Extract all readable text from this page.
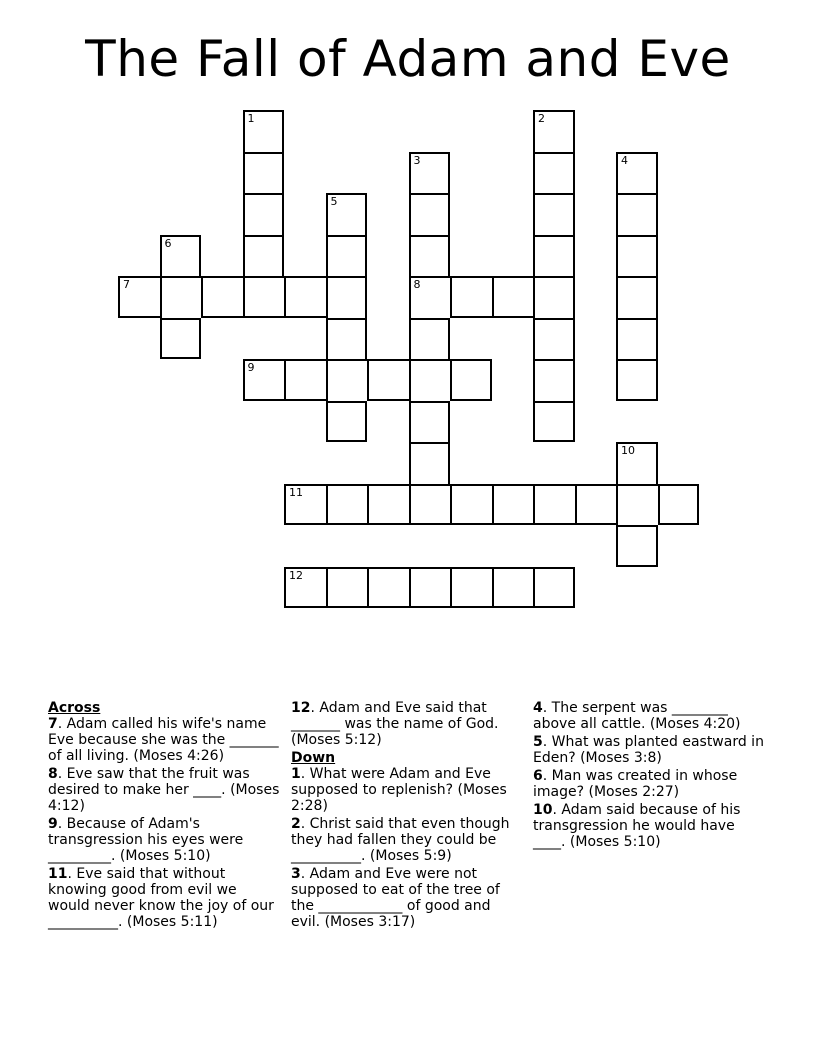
The Fall of Adam and Eve
7	8
9
11
12
1	2
3	4
5
6
10
Across
7. Adam called his wife's name Eve because she was the _______ of all living. (Moses 4:26)
8. Eve saw that the fruit was desired to make her ____. (Moses 4:12)
9. Because of Adam's transgression his eyes were _________. (Moses 5:10)
11. Eve said that without knowing good from evil we would never know the joy of our __________. (Moses 5:11)
12. Adam and Eve said that _______ was the name of God. (Moses 5:12)
Down
1. What were Adam and Eve supposed to replenish? (Moses 2:28)
2. Christ said that even though they had fallen they could be __________. (Moses 5:9)
3. Adam and Eve were not supposed to eat of the tree of the ____________ of good and evil. (Moses 3:17)
4. The serpent was ________ above all cattle. (Moses 4:20)
5. What was planted eastward in Eden? (Moses 3:8)
6. Man was created in whose image? (Moses 2:27)
10. Adam said because of his transgression he would have ____. (Moses 5:10)
